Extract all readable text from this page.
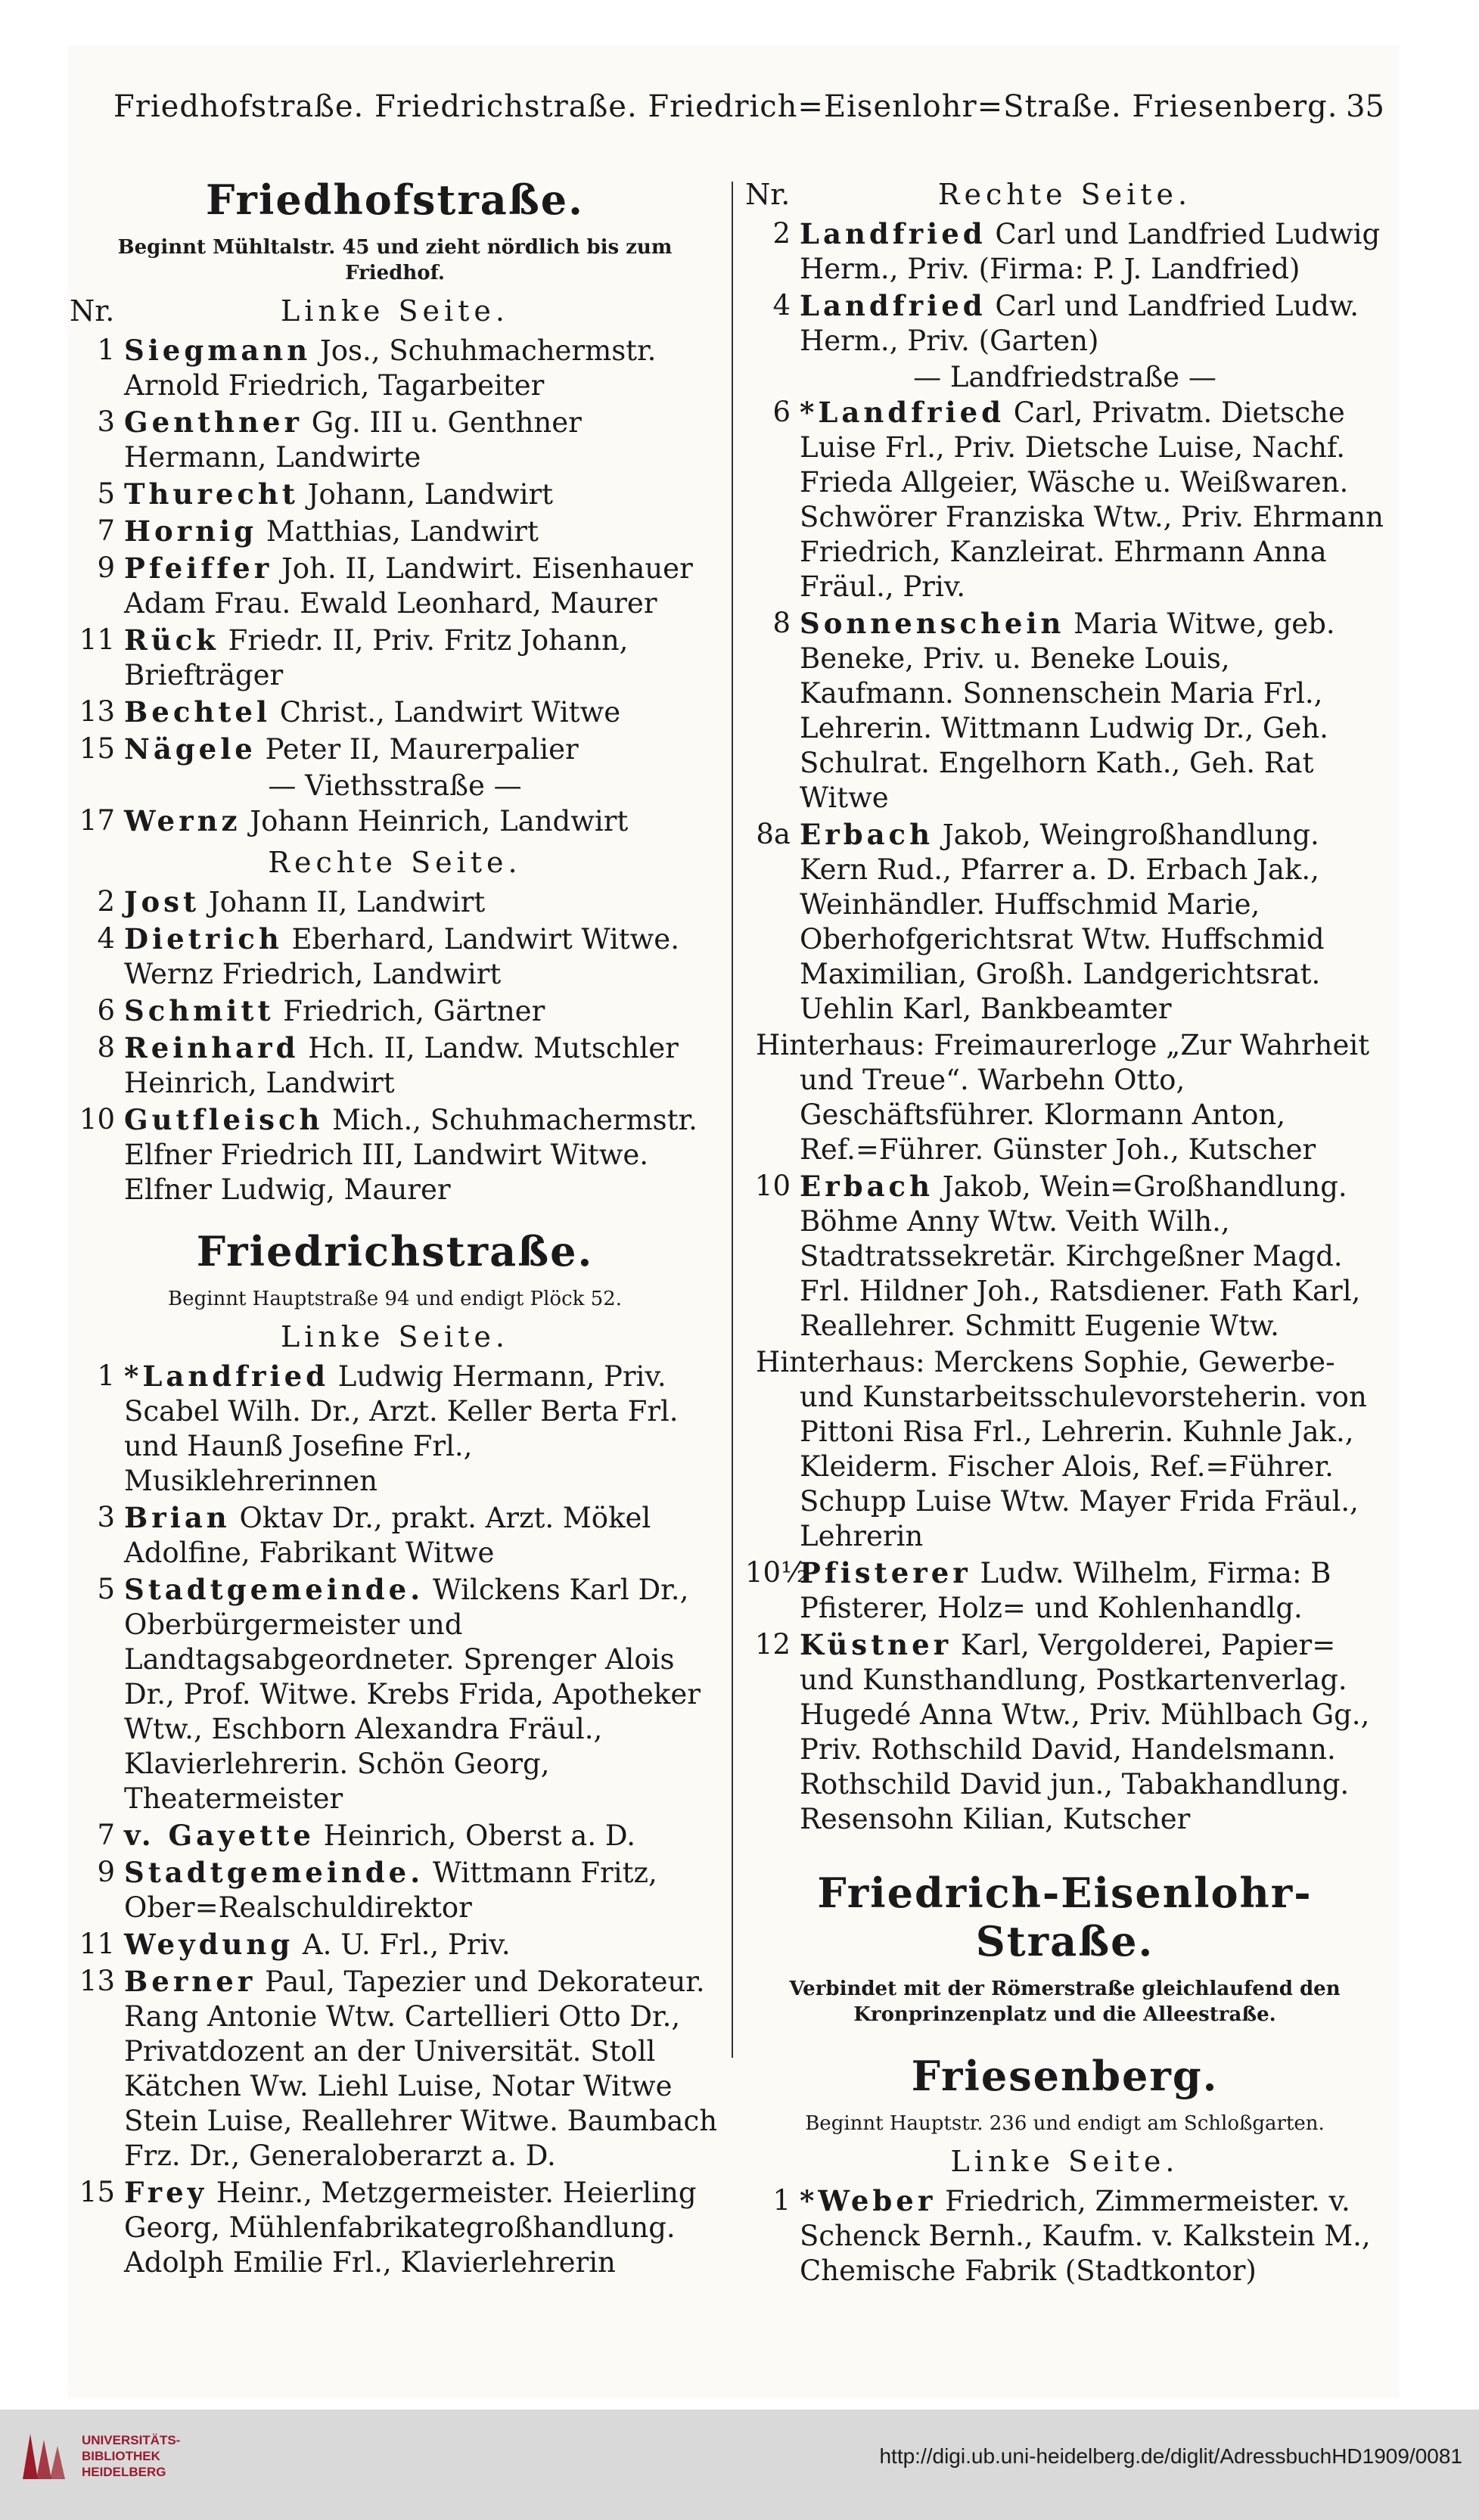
Friedhofstraße. Friedrichstraße. Friedrich=Eisenlohr=Straße. Friesenberg. 35
Friedhofstraße.
Beginnt Mühltalstr. 45 und zieht nördlich bis zum Friedhof.
Nr.	Linke Seite.
1 Siegmann Jos., Schuhmachermstr. Arnold Friedrich, Tagarbeiter
3 Genthner Gg. III u. Genthner Hermann, Landwirte
5 Thurecht Johann, Landwirt
7 Hornig Matthias, Landwirt
9 Pfeiffer Joh. II, Landwirt. Eisenhauer Adam Frau. Ewald Leonhard, Maurer
11 Rück Friedr. II, Priv. Fritz Johann, Briefträger
13 Bechtel Christ., Landwirt Witwe
15 Nägele Peter II, Maurerpalier
— Viethsstraße —
17 Wernz Johann Heinrich, Landwirt
Rechte Seite.
2 Jost Johann II, Landwirt
4 Dietrich Eberhard, Landwirt Witwe. Wernz Friedrich, Landwirt
6 Schmitt Friedrich, Gärtner
8 Reinhard Hch. II, Landw. Mutschler Heinrich, Landwirt
10 Gutfleisch Mich., Schuhmachermstr. Elfner Friedrich III, Landwirt Witwe. Elfner Ludwig, Maurer
Friedrichstraße.
Beginnt Hauptstraße 94 und endigt Plöck 52.
Linke Seite.
1 *Landfried Ludwig Hermann, Priv. Scabel Wilh. Dr., Arzt. Keller Berta Frl. und Haunß Josefine Frl., Musiklehrerinnen
3 Brian Oktav Dr., prakt. Arzt. Mökel Adolfine, Fabrikant Witwe
5 Stadtgemeinde. Wilckens Karl Dr., Oberbürgermeister und Landtagsabgeordneter. Sprenger Alois Dr., Prof. Witwe. Krebs Frida, Apotheker Wtw., Eschborn Alexandra Fräul., Klavierlehrerin. Schön Georg, Theatermeister
7 v. Gayette Heinrich, Oberst a. D.
9 Stadtgemeinde. Wittmann Fritz, Ober=Realschuldirektor
11 Weydung A. U. Frl., Priv.
13 Berner Paul, Tapezier und Dekorateur. Rang Antonie Wtw. Cartellieri Otto Dr., Privatdozent an der Universität. Stoll Kätchen Ww. Liehl Luise, Notar Witwe Stein Luise, Reallehrer Witwe. Baumbach Frz. Dr., Generaloberarzt a. D.
15 Frey Heinr., Metzgermeister. Heierling Georg, Mühlenfabrikategroßhandlung. Adolph Emilie Frl., Klavierlehrerin
Nr.	Rechte Seite.
2 Landfried Carl und Landfried Ludwig Herm., Priv. (Firma: P. J. Landfried)
4 Landfried Carl und Landfried Ludw. Herm., Priv. (Garten)
— Landfriedstraße —
6 *Landfried Carl, Privatm. Dietsche Luise Frl., Priv. Dietsche Luise, Nachf. Frieda Allgeier, Wäsche u. Weißwaren. Schwörer Franziska Wtw., Priv. Ehrmann Friedrich, Kanzleirat. Ehrmann Anna Fräul., Priv.
8 Sonnenschein Maria Witwe, geb. Beneke, Priv. u. Beneke Louis, Kaufmann. Sonnenschein Maria Frl., Lehrerin. Wittmann Ludwig Dr., Geh. Schulrat. Engelhorn Kath., Geh. Rat Witwe
8a Erbach Jakob, Weingroßhandlung. Kern Rud., Pfarrer a. D. Erbach Jak., Weinhändler. Huffschmid Marie, Oberhofgerichtsrat Wtw. Huffschmid Maximilian, Großh. Landgerichtsrat. Uehlin Karl, Bankbeamter
Hinterhaus: Freimaurerloge „Zur Wahrheit und Treue“. Warbehn Otto, Geschäftsführer. Klormann Anton, Ref.=Führer. Günster Joh., Kutscher
10 Erbach Jakob, Wein=Großhandlung. Böhme Anny Wtw. Veith Wilh., Stadtratssekretär. Kirchgeßner Magd. Frl. Hildner Joh., Ratsdiener. Fath Karl, Reallehrer. Schmitt Eugenie Wtw.
Hinterhaus: Merckens Sophie, Gewerbe- und Kunstarbeitsschulevorsteherin. von Pittoni Risa Frl., Lehrerin. Kuhnle Jak., Kleiderm. Fischer Alois, Ref.=Führer. Schupp Luise Wtw. Mayer Frida Fräul., Lehrerin
10½
Pfisterer Ludw. Wilhelm, Firma: B Pfisterer, Holz= und Kohlenhandlg.
12 Küstner Karl, Vergolderei, Papier= und Kunsthandlung, Postkartenverlag. Hugedé Anna Wtw., Priv. Mühlbach Gg., Priv. Rothschild David, Handelsmann. Rothschild David jun., Tabakhandlung. Resensohn Kilian, Kutscher
Friedrich-Eisenlohr-Straße.
Verbindet mit der Römerstraße gleichlaufend den Kronprinzenplatz und die Alleestraße.
Friesenberg.
Beginnt Hauptstr. 236 und endigt am Schloßgarten.
Linke Seite.
1 *Weber Friedrich, Zimmermeister. v. Schenck Bernh., Kaufm. v. Kalkstein M., Chemische Fabrik (Stadtkontor)
UNIVERSITÄTS-
BIBLIOTHEK
HEIDELBERG
http://digi.ub.uni-heidelberg.de/diglit/AdressbuchHD1909/0081
